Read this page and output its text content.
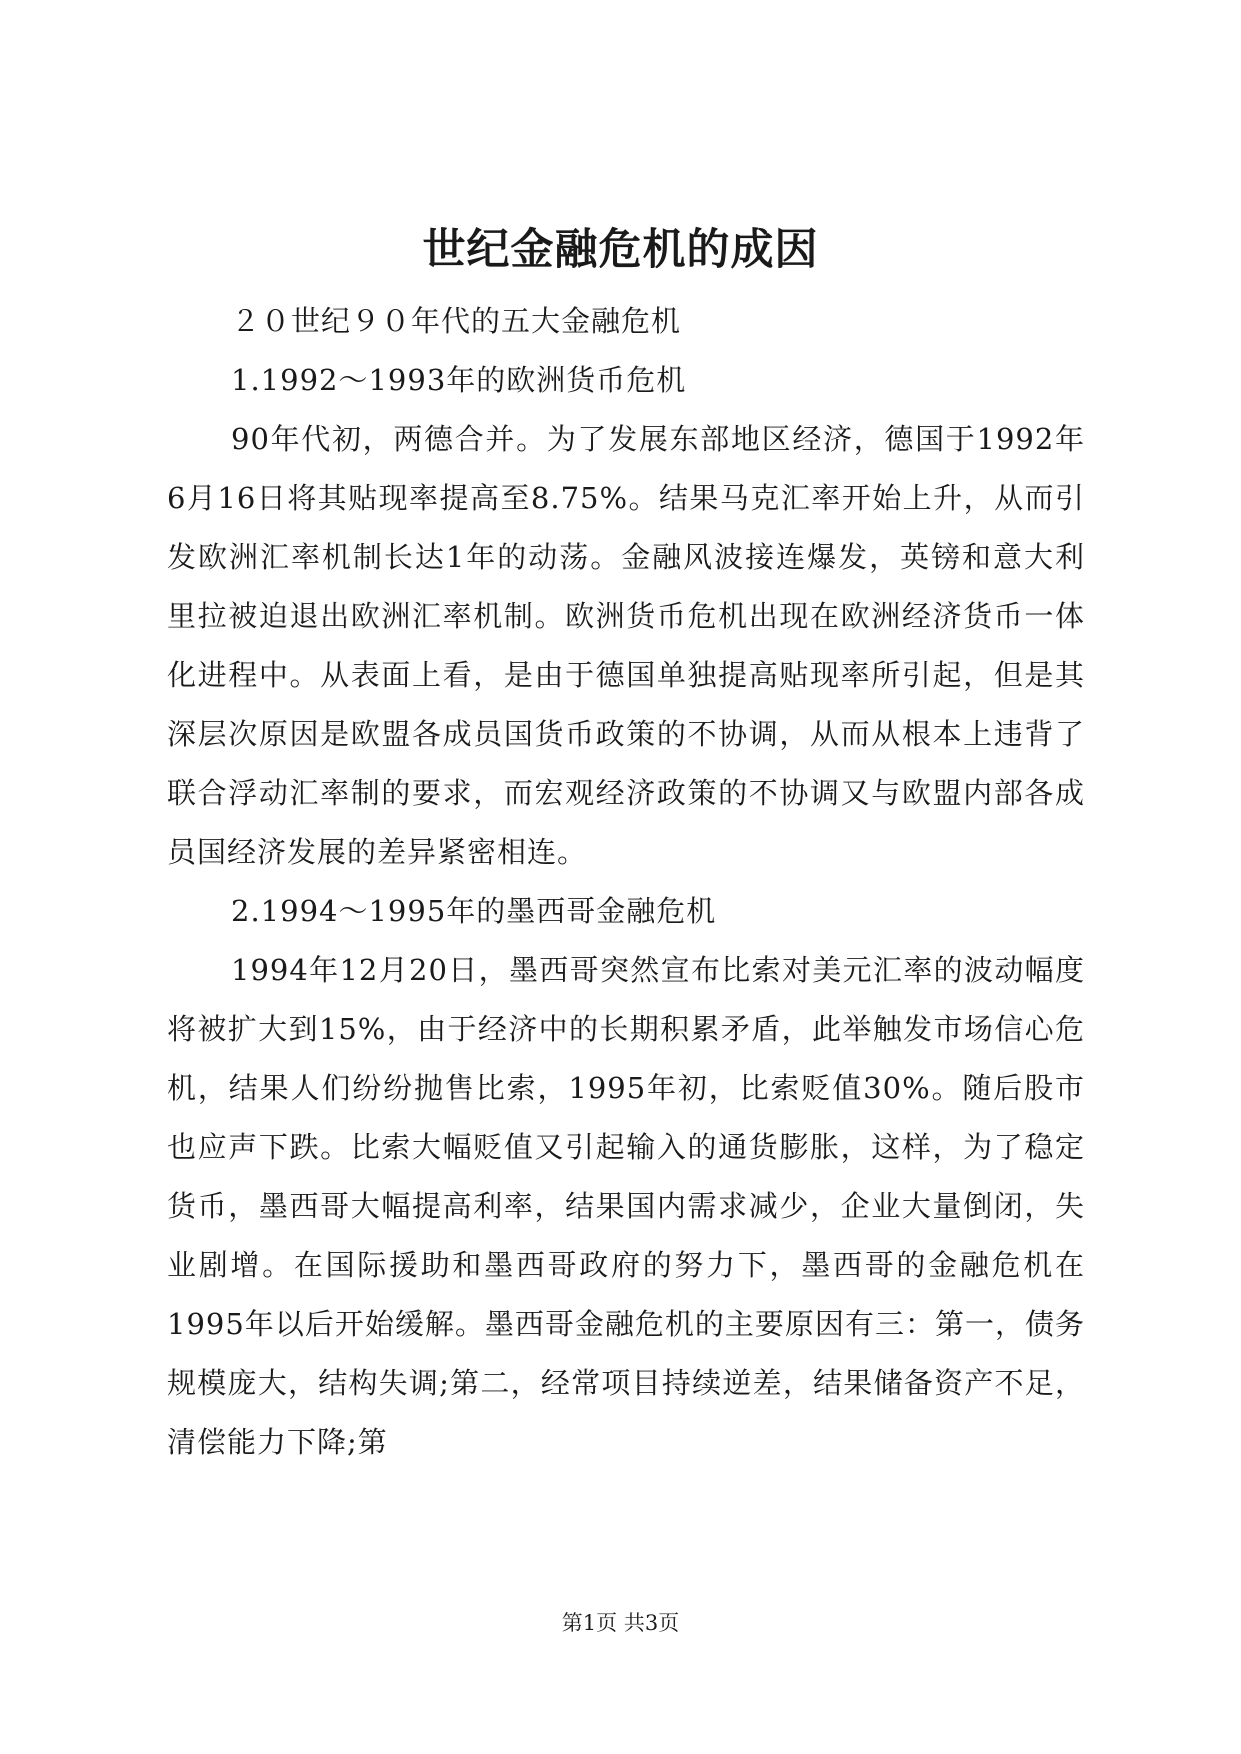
世纪金融危机的成因

２０世纪９０年代的五大金融危机

1.1992～1993年的欧洲货币危机

90年代初，两德合并。为了发展东部地区经济，德国于1992年6月16日将其贴现率提高至8.75%。结果马克汇率开始上升，从而引发欧洲汇率机制长达1年的动荡。金融风波接连爆发，英镑和意大利里拉被迫退出欧洲汇率机制。欧洲货币危机出现在欧洲经济货币一体化进程中。从表面上看，是由于德国单独提高贴现率所引起，但是其深层次原因是欧盟各成员国货币政策的不协调，从而从根本上违背了联合浮动汇率制的要求，而宏观经济政策的不协调又与欧盟内部各成员国经济发展的差异紧密相连。

2.1994～1995年的墨西哥金融危机

1994年12月20日，墨西哥突然宣布比索对美元汇率的波动幅度将被扩大到15%，由于经济中的长期积累矛盾，此举触发市场信心危机，结果人们纷纷抛售比索，1995年初，比索贬值30%。随后股市也应声下跌。比索大幅贬值又引起输入的通货膨胀，这样，为了稳定货币，墨西哥大幅提高利率，结果国内需求减少，企业大量倒闭，失业剧增。在国际援助和墨西哥政府的努力下，墨西哥的金融危机在1995年以后开始缓解。墨西哥金融危机的主要原因有三：第一，债务规模庞大，结构失调;第二，经常项目持续逆差，结果储备资产不足，清偿能力下降;第

第1页 共3页
